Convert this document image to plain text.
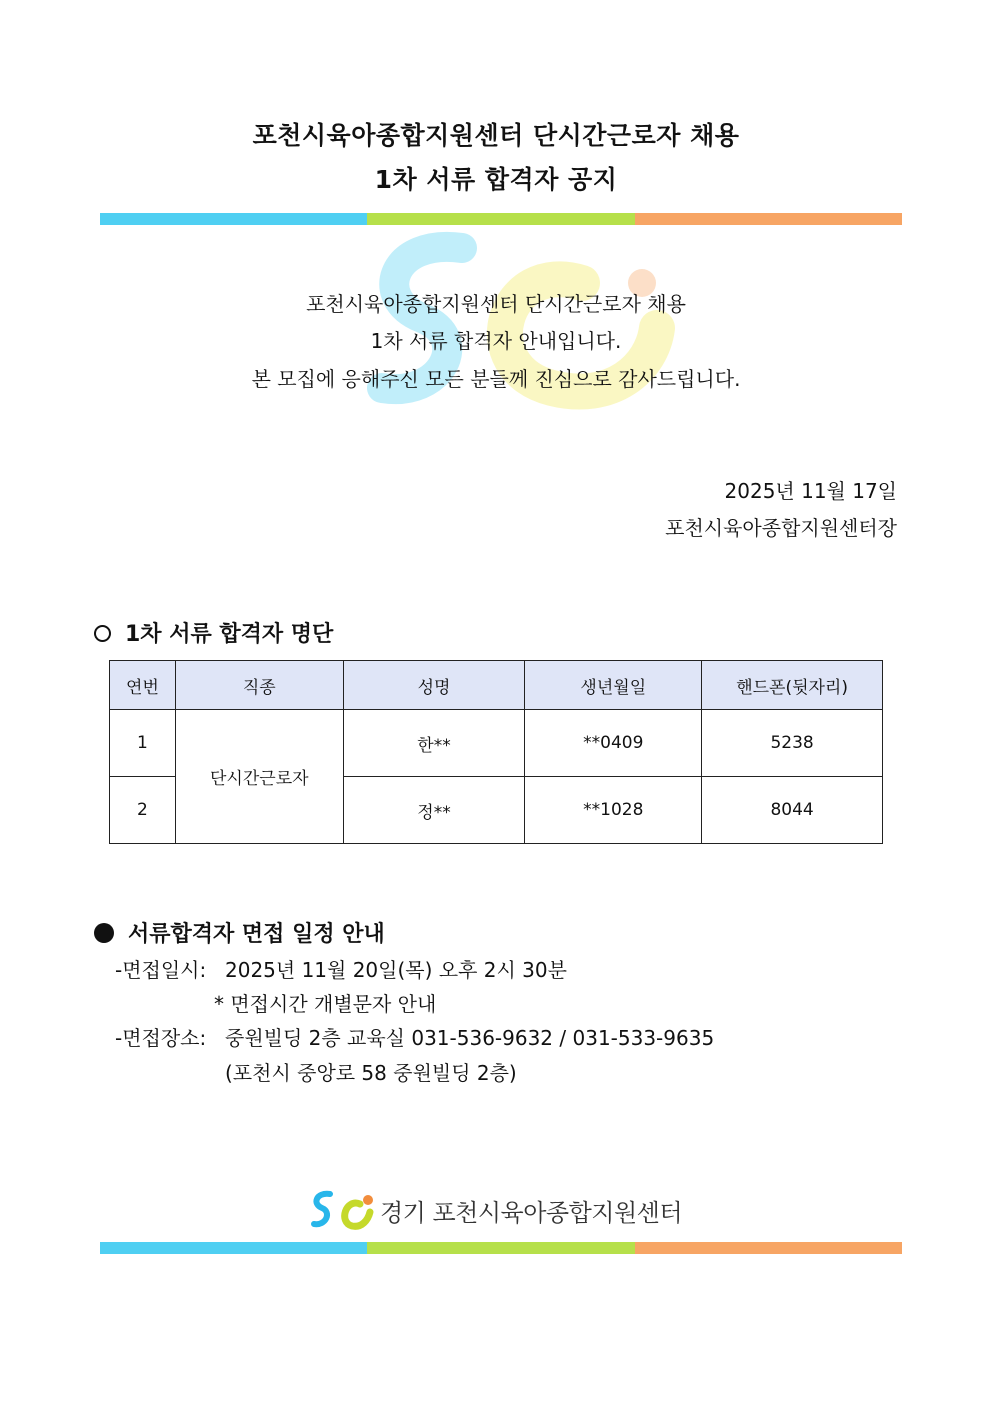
포천시육아종합지원센터 단시간근로자 채용
1차 서류 합격자 공지
포천시육아종합지원센터 단시간근로자 채용
1차 서류 합격자 안내입니다.
본 모집에 응해주신 모든 분들께 진심으로 감사드립니다.
2025년 11월 17일
포천시육아종합지원센터장
1차 서류 합격자 명단
연번	직종	성명	생년월일	핸드폰(뒷자리)
1	단시간근로자	한**	**0409	5238
2		정**	**1028	8044
서류합격자 면접 일정 안내
-면접일시: 2025년 11월 20일(목) 오후 2시 30분
* 면접시간 개별문자 안내
-면접장소: 중원빌딩 2층 교육실 031-536-9632 / 031-533-9635
(포천시 중앙로 58 중원빌딩 2층)
경기 포천시육아종합지원센터
